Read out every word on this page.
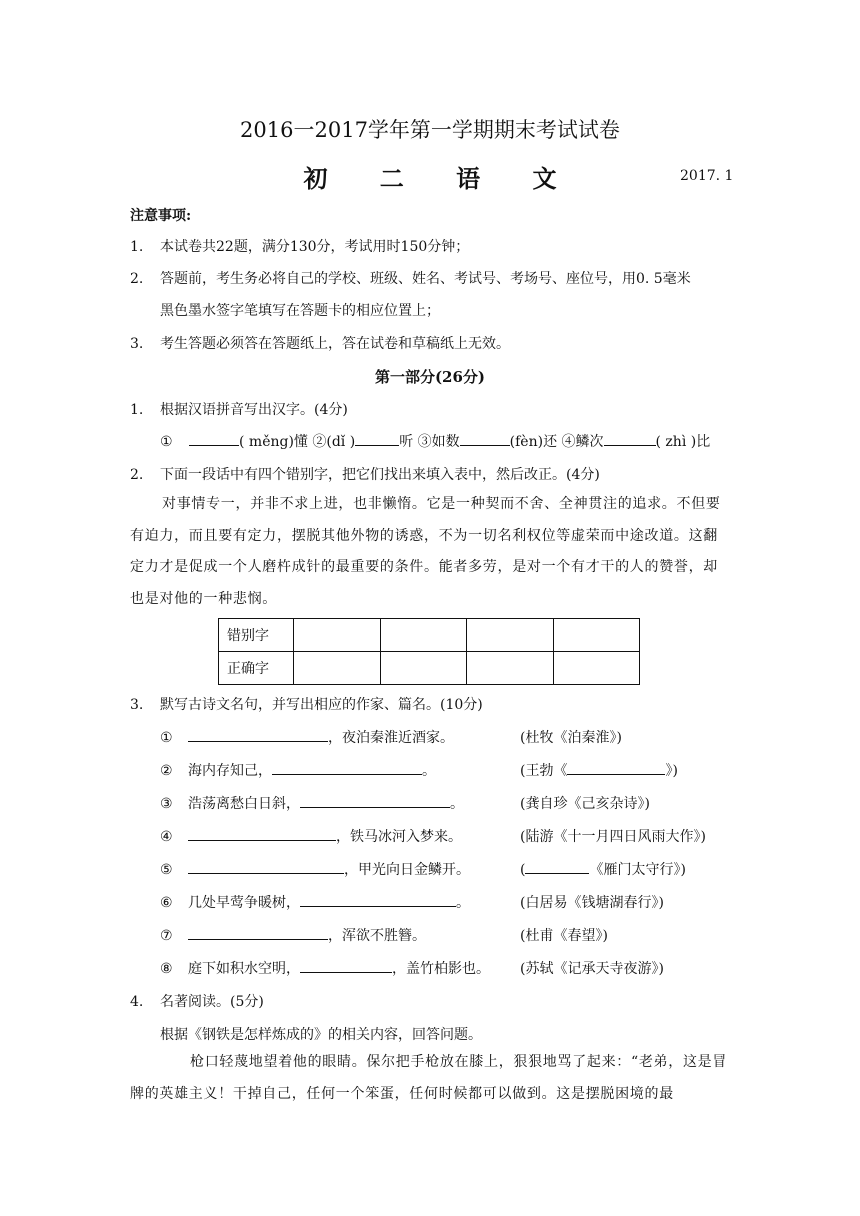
2016一2017学年第一学期期末考试试卷
初 二 语 文	2017. 1
注意事项:
1. 本试卷共22题，满分130分，考试用时150分钟；
2. 答题前，考生务必将自己的学校、班级、姓名、考试号、考场号、座位号，用0. 5毫米
黑色墨水签字笔填写在答题卡的相应位置上；
3. 考生答题必须答在答题纸上，答在试卷和草稿纸上无效。
第一部分(26分)
1. 根据汉语拼音写出汉字。(4分)
①	( měng)懂 ②(dǐ )	听 ③如数	(fèn)还 ④鳞次	( zhì )比
2. 下面一段话中有四个错别字，把它们找出来填入表中，然后改正。(4分)
对事情专一，并非不求上进，也非懒惰。它是一种契而不舍、全神贯注的追求。不但要有迫力，而且要有定力，摆脱其他外物的诱惑，不为一切名利权位等虚荣而中途改道。这翻定力才是促成一个人磨杵成针的最重要的条件。能者多劳，是对一个有才干的人的赞誉，却也是对他的一种悲悯。
错别字				
正确字				
3. 默写古诗文名句，并写出相应的作家、篇名。(10分)
①	，夜泊秦淮近酒家。	(杜牧《泊秦淮》)
② 海内存知己，	。	(王勃《	》)
③ 浩荡离愁白日斜，	。	(龚自珍《己亥杂诗》)
④	，铁马冰河入梦来。	(陆游《十一月四日风雨大作》)
⑤	，甲光向日金鳞开。	(	《雁门太守行》)
⑥ 几处早莺争暖树，	。	(白居易《钱塘湖春行》)
⑦	，浑欲不胜簪。	(杜甫《春望》)
⑧ 庭下如积水空明，	，盖竹柏影也。 (苏轼《记承天寺夜游》)
4. 名著阅读。(5分)
根据《钢铁是怎样炼成的》的相关内容，回答问题。
枪口轻蔑地望着他的眼睛。保尔把手枪放在膝上，狠狠地骂了起来：“老弟，这是冒牌的英雄主义！干掉自己，任何一个笨蛋，任何时候都可以做到。这是摆脱困境的最
